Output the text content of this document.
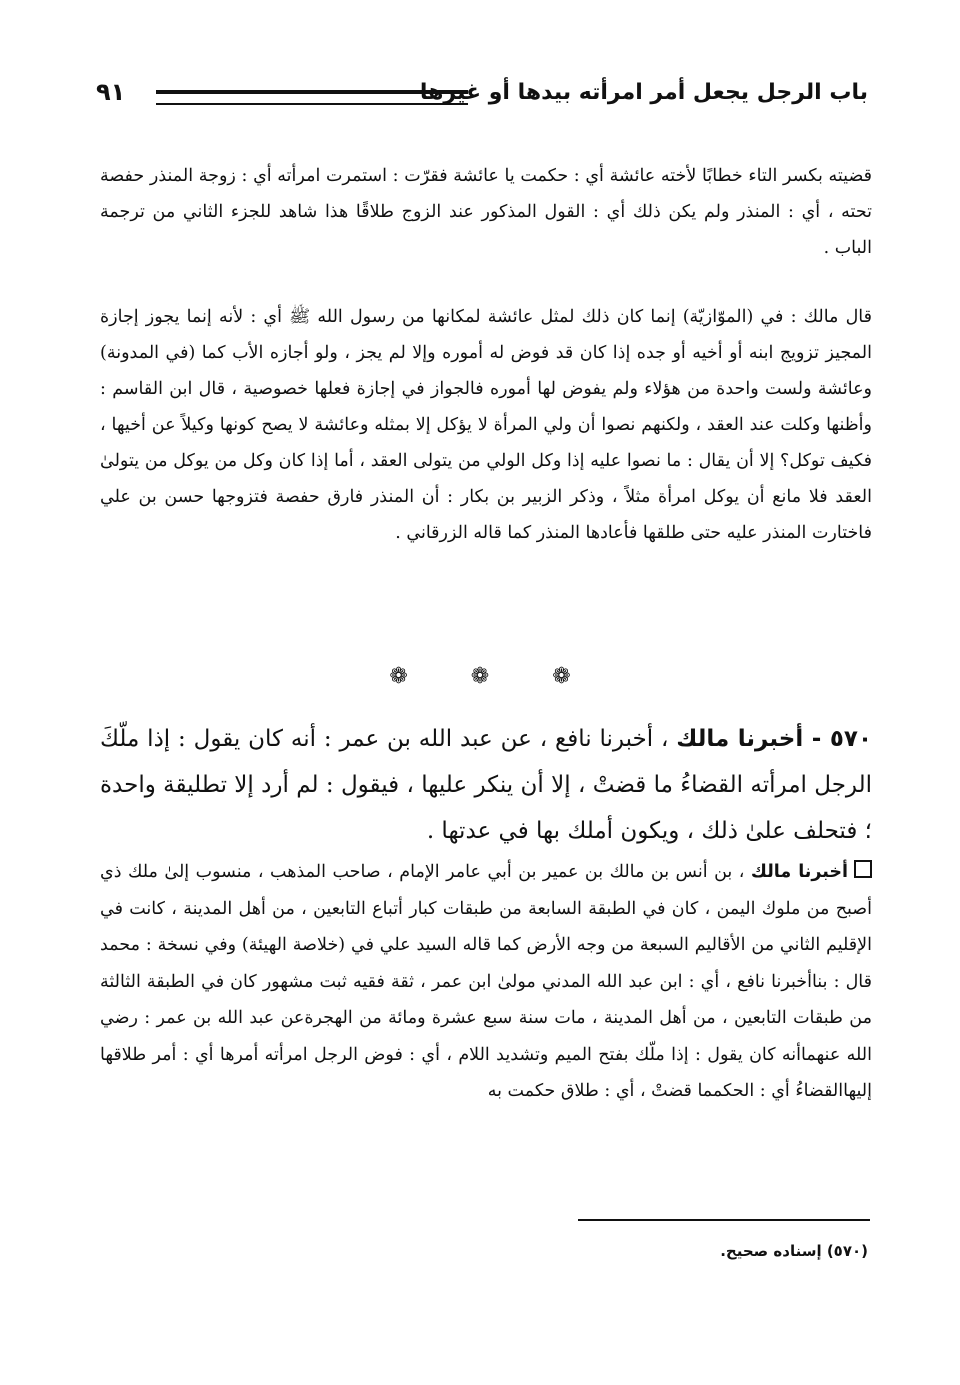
باب الرجل يجعل أمر امرأته بيدها أو غيرها
٩١

قضيته بكسر التاء خطابًا لأخته عائشة أي : حكمت يا عائشة فقرّت : استمرت امرأته أي : زوجة المنذر حفصة تحته ، أي : المنذر ولم يكن ذلك أي : القول المذكور عند الزوج طلاقًا هذا شاهد للجزء الثاني من ترجمة الباب .

قال مالك : في (الموّازيّة) إنما كان ذلك لمثل عائشة لمكانها من رسول الله ﷺ أي : لأنه إنما يجوز إجازة المجيز تزويج ابنه أو أخيه أو جده إذا كان قد فوض له أموره وإلا لم يجز ، ولو أجازه الأب كما (في المدونة) وعائشة ولست واحدة من هؤلاء ولم يفوض لها أموره فالجواز في إجازة فعلها خصوصية ، قال ابن القاسم : وأظنها وكلت عند العقد ، ولكنهم نصوا أن ولي المرأة لا يؤكل إلا بمثله وعائشة لا يصح كونها وكيلاً عن أخيها ، فكيف توكل؟ إلا أن يقال : ما نصوا عليه إذا وكل الولي من يتولى العقد ، أما إذا كان وكل من يوكل من يتولىٰ العقد فلا مانع أن يوكل امرأة مثلاً ، وذكر الزبير بن بكار : أن المنذر فارق حفصة فتزوجها حسن بن علي فاختارت المنذر عليه حتى طلقها فأعادها المنذر كما قاله الزرقاني .

❁	❁	❁
٥٧٠ - أخبرنا مالك ، أخبرنا نافع ، عن عبد الله بن عمر : أنه كان يقول : إذا ملّكَ الرجل امرأته القضاءُ ما قضتْ ، إلا أن ينكر عليها ، فيقول : لم أرد إلا تطليقة واحدة ؛ فتحلف علىٰ ذلك ، ويكون أملك بها في عدتها .
أخبرنا مالك ، بن أنس بن مالك بن عمير بن أبي عامر الإمام ، صاحب المذهب ، منسوب إلىٰ ملك ذي أصبح من ملوك اليمن ، كان في الطبقة السابعة من طبقات كبار أتباع التابعين ، من أهل المدينة ، كانت في الإقليم الثاني من الأقاليم السبعة من وجه الأرض كما قاله السيد علي في (خلاصة الهيئة) وفي نسخة : محمد قال : بناأخبرنا نافع ، أي : ابن عبد الله المدني مولىٰ ابن عمر ، ثقة فقيه ثبت مشهور كان في الطبقة الثالثة من طبقات التابعين ، من أهل المدينة ، مات سنة سبع عشرة ومائة من الهجرةعن عبد الله بن عمر : رضي الله عنهماأنه كان يقول : إذا ملّك بفتح الميم وتشديد اللام ، أي : فوض الرجل امرأته أمرها أي : أمر طلاقها إليهاالقضاءُ أي : الحكمما قضتْ ، أي : طلاق حكمت به
(٥٧٠) إسناده صحيح.
